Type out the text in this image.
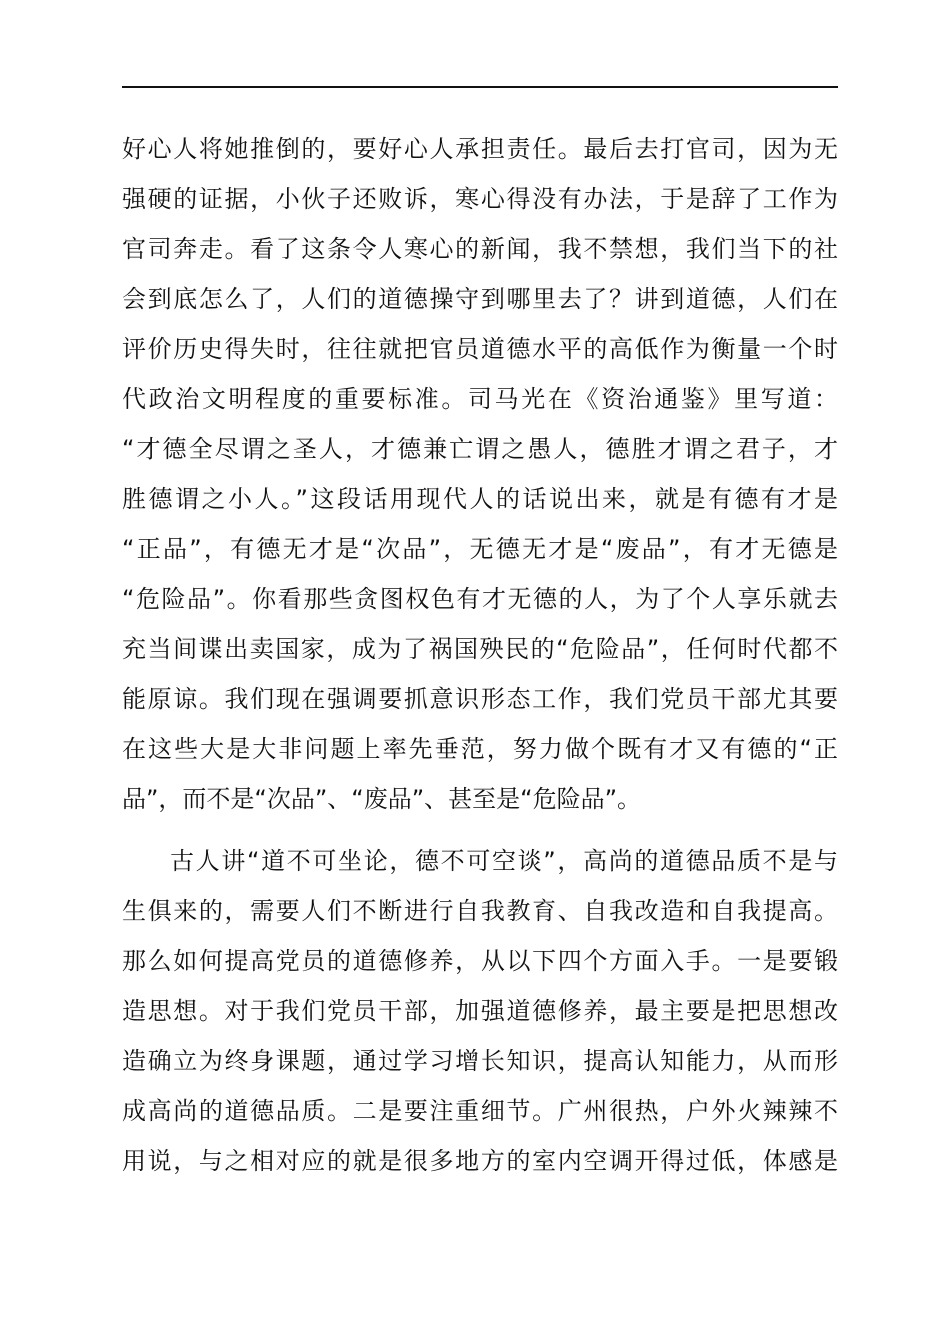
好心人将她推倒的，要好心人承担责任。最后去打官司，因为无
强硬的证据，小伙子还败诉，寒心得没有办法，于是辞了工作为
官司奔走。看了这条令人寒心的新闻，我不禁想，我们当下的社
会到底怎么了，人们的道德操守到哪里去了？讲到道德，人们在
评价历史得失时，往往就把官员道德水平的高低作为衡量一个时
代政治文明程度的重要标准。司马光在《资治通鉴》里写道：
“才德全尽谓之圣人，才德兼亡谓之愚人，德胜才谓之君子，才
胜德谓之小人。”这段话用现代人的话说出来，就是有德有才是
“正品”，有德无才是“次品”，无德无才是“废品”，有才无德是
“危险品”。你看那些贪图权色有才无德的人，为了个人享乐就去
充当间谍出卖国家，成为了祸国殃民的“危险品”，任何时代都不
能原谅。我们现在强调要抓意识形态工作，我们党员干部尤其要
在这些大是大非问题上率先垂范，努力做个既有才又有德的“正
品”，而不是“次品”、“废品”、甚至是“危险品”。
古人讲“道不可坐论，德不可空谈”，高尚的道德品质不是与
生俱来的，需要人们不断进行自我教育、自我改造和自我提高。
那么如何提高党员的道德修养，从以下四个方面入手。一是要锻
造思想。对于我们党员干部，加强道德修养，最主要是把思想改
造确立为终身课题，通过学习增长知识，提高认知能力，从而形
成高尚的道德品质。二是要注重细节。广州很热，户外火辣辣不
用说，与之相对应的就是很多地方的室内空调开得过低，体感是
